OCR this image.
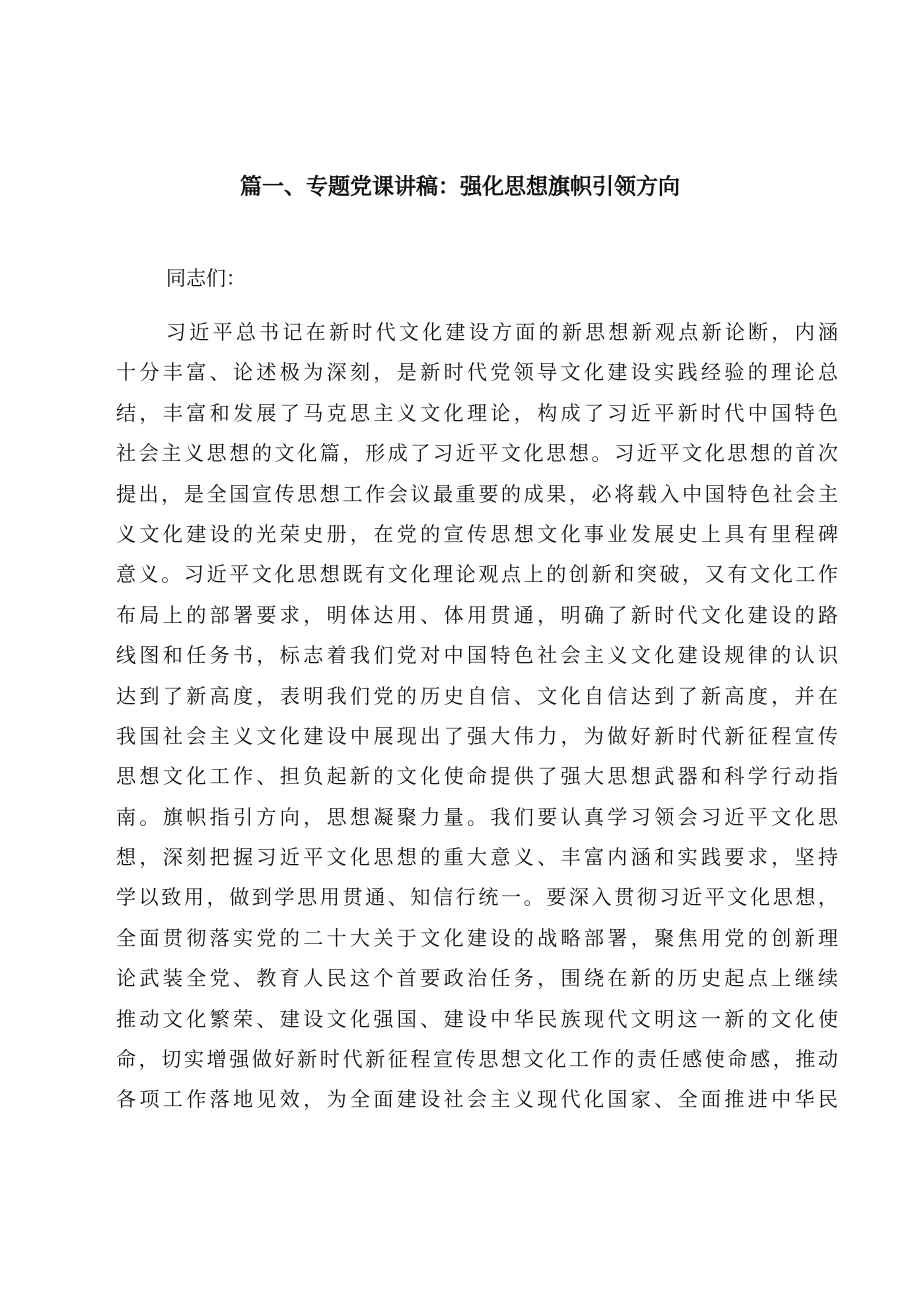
篇一、专题党课讲稿：强化思想旗帜引领方向

同志们：

习近平总书记在新时代文化建设方面的新思想新观点新论断，内涵
十分丰富、论述极为深刻，是新时代党领导文化建设实践经验的理论总
结，丰富和发展了马克思主义文化理论，构成了习近平新时代中国特色
社会主义思想的文化篇，形成了习近平文化思想。习近平文化思想的首次
提出，是全国宣传思想工作会议最重要的成果，必将载入中国特色社会主
义文化建设的光荣史册，在党的宣传思想文化事业发展史上具有里程碑
意义。习近平文化思想既有文化理论观点上的创新和突破，又有文化工作
布局上的部署要求，明体达用、体用贯通，明确了新时代文化建设的路
线图和任务书，标志着我们党对中国特色社会主义文化建设规律的认识
达到了新高度，表明我们党的历史自信、文化自信达到了新高度，并在
我国社会主义文化建设中展现出了强大伟力，为做好新时代新征程宣传
思想文化工作、担负起新的文化使命提供了强大思想武器和科学行动指
南。旗帜指引方向，思想凝聚力量。我们要认真学习领会习近平文化思
想，深刻把握习近平文化思想的重大意义、丰富内涵和实践要求，坚持
学以致用，做到学思用贯通、知信行统一。要深入贯彻习近平文化思想，
全面贯彻落实党的二十大关于文化建设的战略部署，聚焦用党的创新理
论武装全党、教育人民这个首要政治任务，围绕在新的历史起点上继续
推动文化繁荣、建设文化强国、建设中华民族现代文明这一新的文化使
命，切实增强做好新时代新征程宣传思想文化工作的责任感使命感，推动
各项工作落地见效，为全面建设社会主义现代化国家、全面推进中华民
